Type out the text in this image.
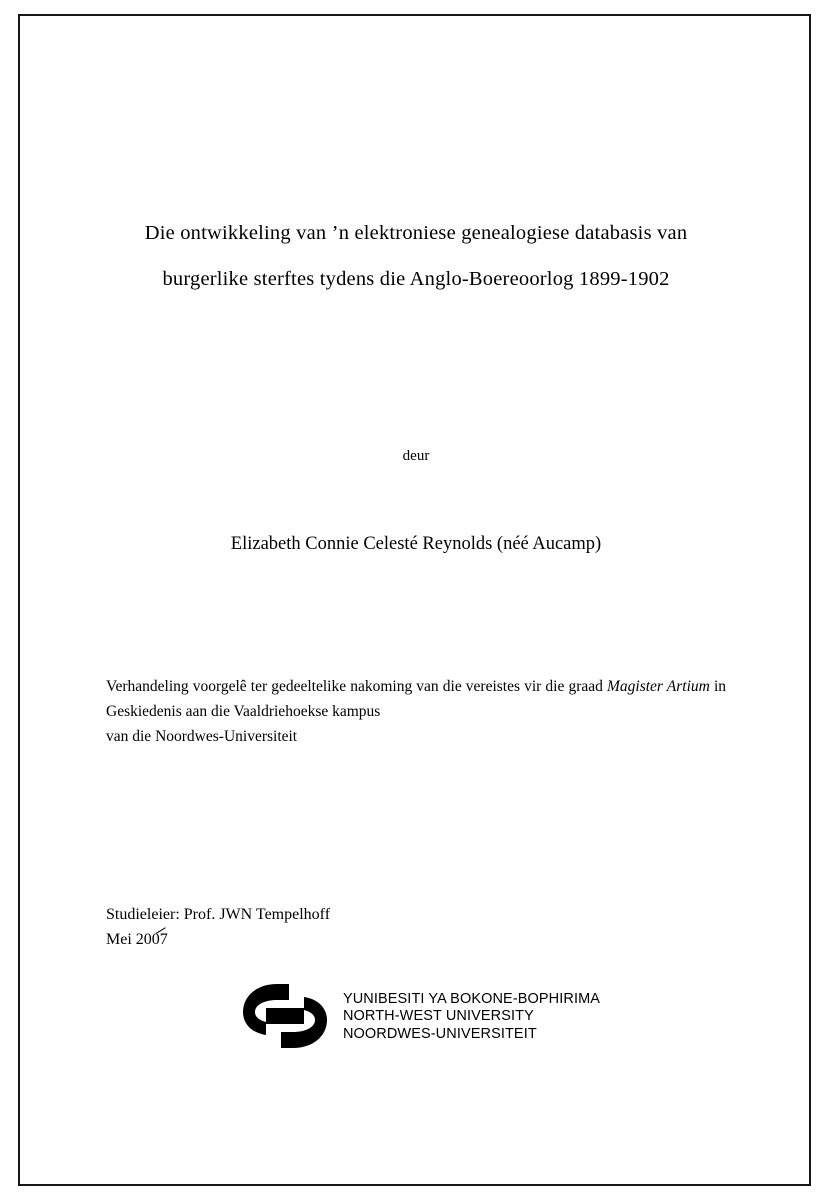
Die ontwikkeling van ’n elektroniese genealogiese databasis van
burgerlike sterftes tydens die Anglo-Boereoorlog 1899-1902
deur
Elizabeth Connie Celesté Reynolds (néé Aucamp)
Verhandeling voorgelê ter gedeeltelike nakoming van die vereistes vir die graad Magister Artium in Geskiedenis aan die Vaaldriehoekse kampus
van die Noordwes-Universiteit
Studieleier: Prof. JWN Tempelhoff
Mei 2007
YUNIBESITI YA BOKONE-BOPHIRIMA
NORTH-WEST UNIVERSITY
NOORDWES-UNIVERSITEIT
